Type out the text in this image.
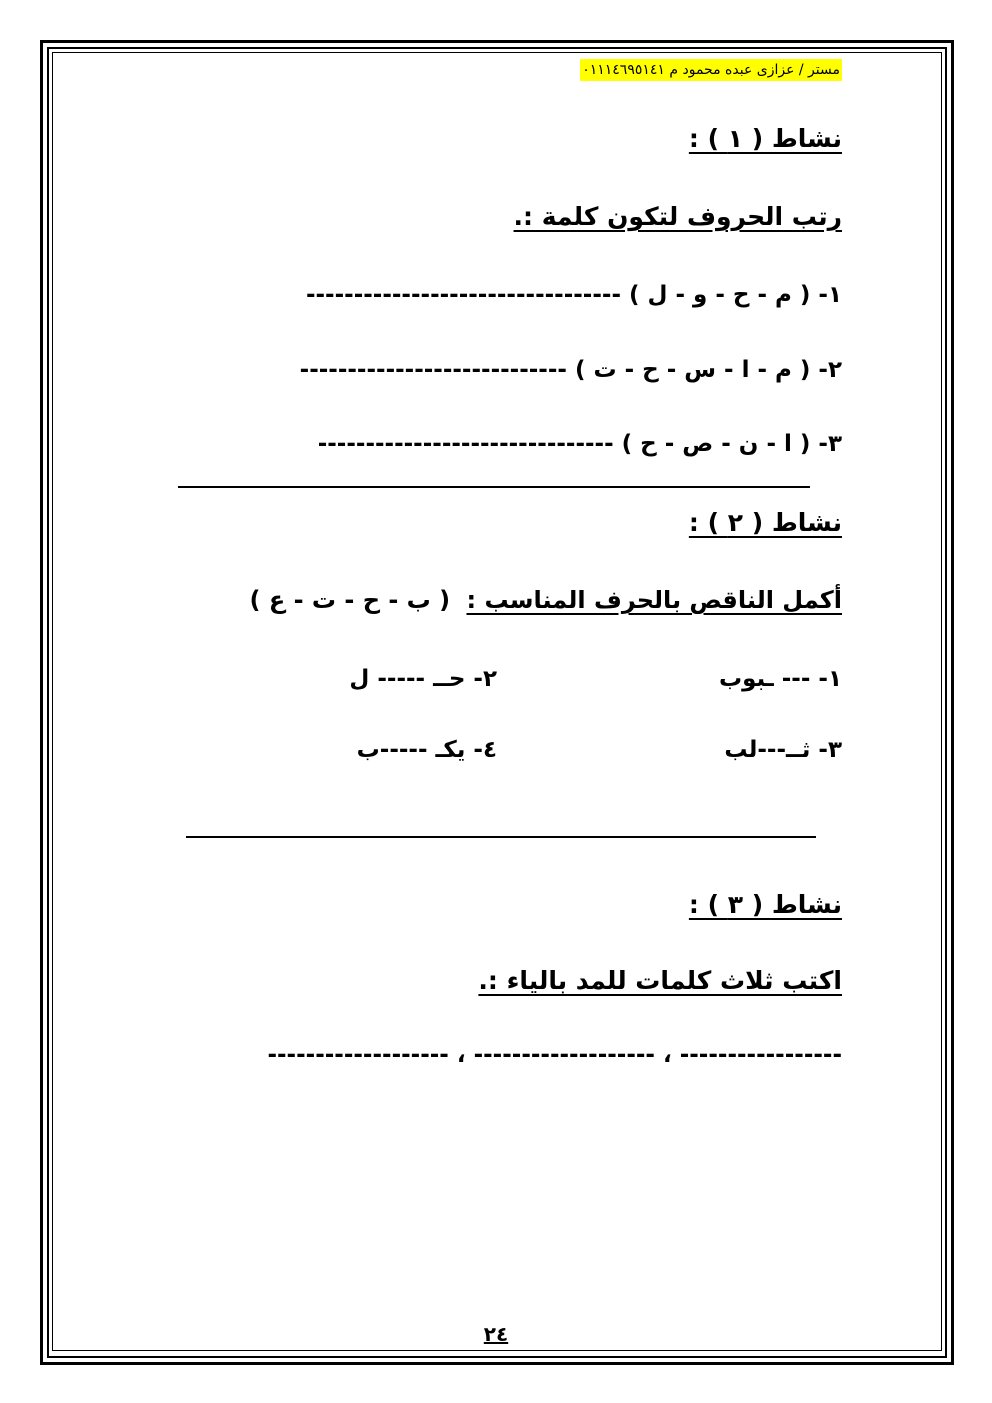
مستر / عزازى عبده محمود م ٠١١١٤٦٩٥١٤١
نشاط ( ١ ) :
رتب الحروف لتكون كلمة :.
١- ( م - ح - و - ل ) ---------------------------------
٢- ( م - ا - س - ح - ت ) ----------------------------
٣- ( ا - ن - ص - ح ) -------------------------------
نشاط ( ٢ ) :
أكمل الناقص بالحرف المناسب : ( ب - ح - ت - ع )
١- --- ـبوب
٢- حــ ----- ل
٣- ثــ---لب
٤- يكـ -----ب
نشاط ( ٣ ) :
اكتب ثلاث كلمات للمد بالياء :.
----------------- ، ------------------- ، -------------------
٢٤
